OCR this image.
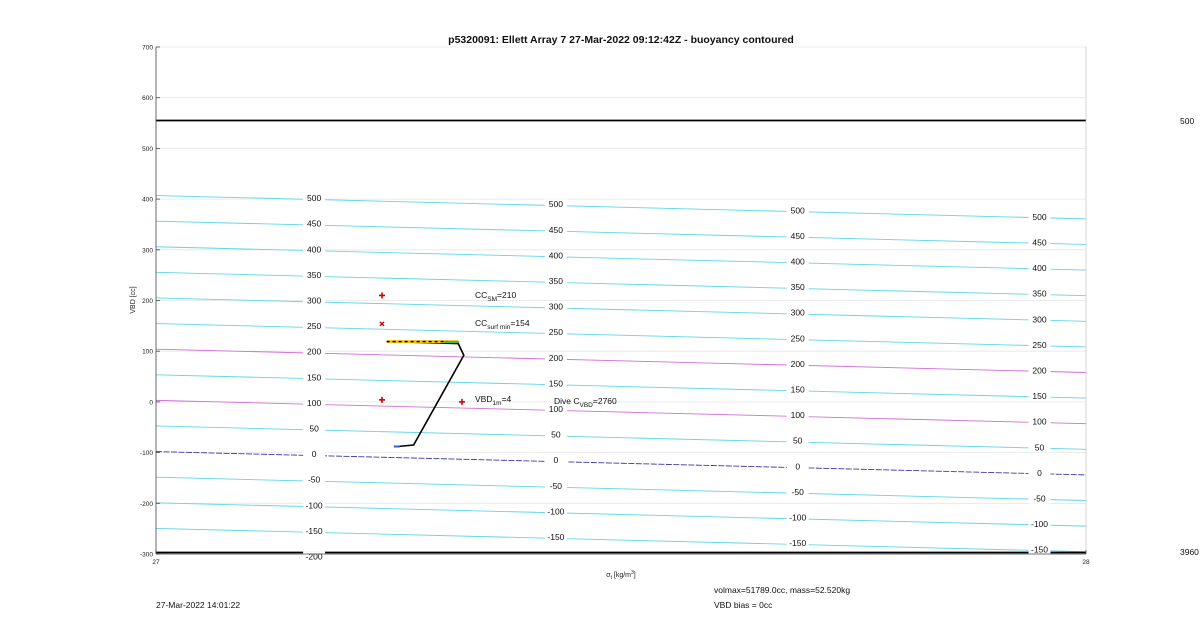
-200
-150
-100
-50
0
50
100
150
200
250
300
350
400
450
500
-150
-100
-50
0
50
100
150
200
250
300
350
400
450
500
-150
-100
-50
0
50
100
150
200
250
300
350
400
450
500
-150
-100
-50
0
50
100
150
200
250
300
350
400
450
500
$CC_{SM}=210$
$CC_{surf min}=154$
$VBD_{1m}=4$	Dive $C_{VBD}=2760$
700
600
500
400
300
200
100
0
-100
-200
-300
27	28
p5320091: Ellett Array 7 27-Mar-2022 09:12:42Z - buoyancy contoured
VBD [cc]
$\sigma_t$ $[kg/m^3]$
500
3960
27-Mar-2022 14:01:22
volmax=51789.0cc, mass=52.520kg
VBD bias = 0cc
